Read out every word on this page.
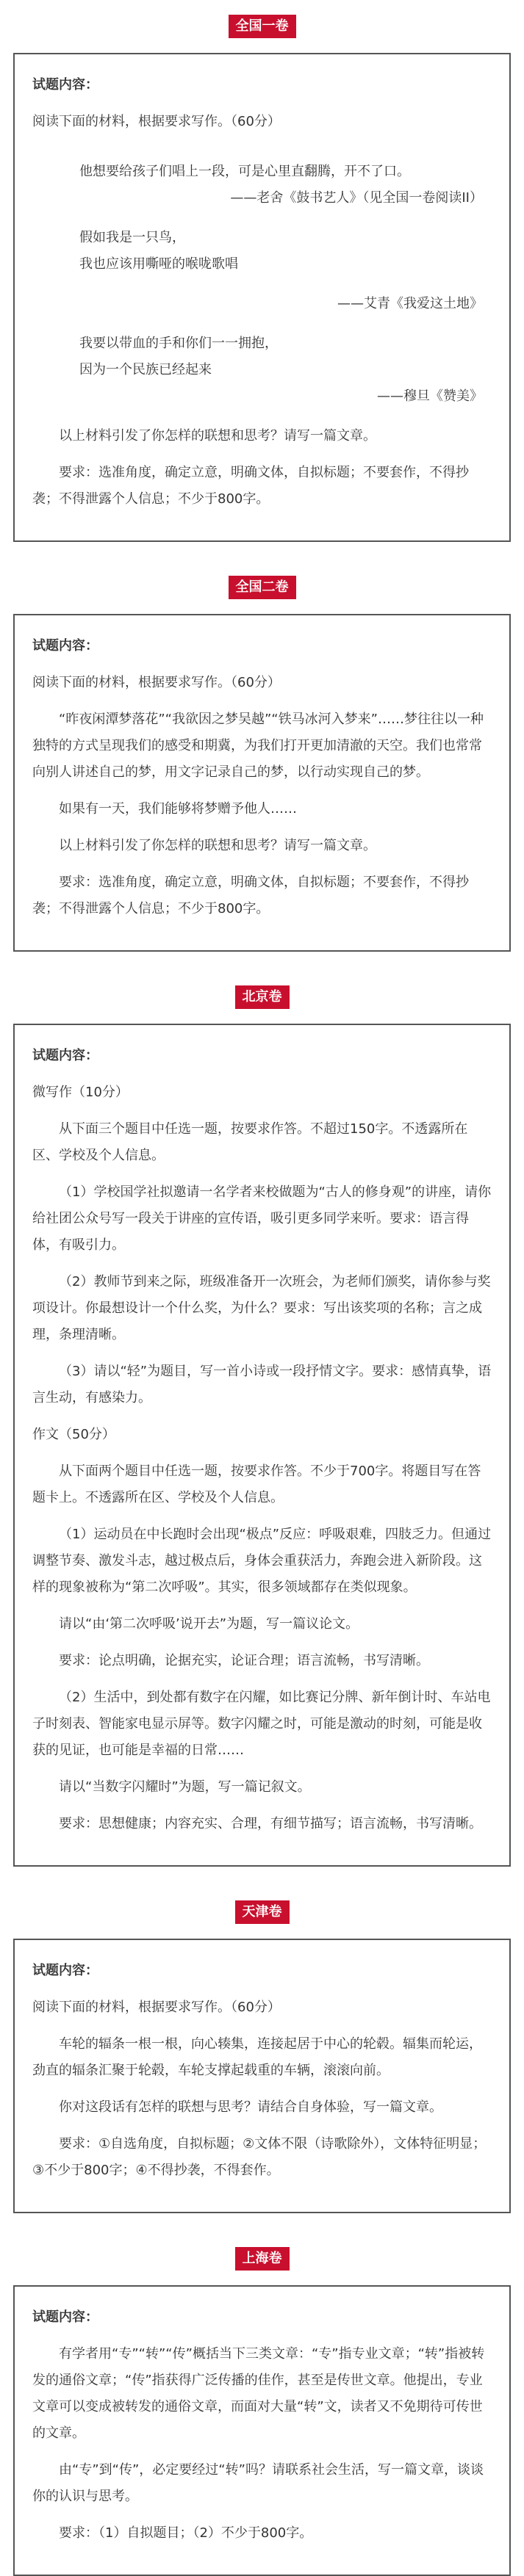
全国一卷
试题内容：
阅读下面的材料，根据要求写作。（60分）
他想要给孩子们唱上一段，可是心里直翻腾，开不了口。
——老舍《鼓书艺人》（见全国一卷阅读II）
假如我是一只鸟，
我也应该用嘶哑的喉咙歌唱
——艾青《我爱这土地》
我要以带血的手和你们一一拥抱，
因为一个民族已经起来
——穆旦《赞美》
以上材料引发了你怎样的联想和思考？请写一篇文章。
要求：选准角度，确定立意，明确文体，自拟标题；不要套作，不得抄袭；不得泄露个人信息；不少于800字。
全国二卷
试题内容：
阅读下面的材料，根据要求写作。（60分）
“昨夜闲潭梦落花”“我欲因之梦吴越”“铁马冰河入梦来”……梦往往以一种独特的方式呈现我们的感受和期冀，为我们打开更加清澈的天空。我们也常常向别人讲述自己的梦，用文字记录自己的梦，以行动实现自己的梦。
如果有一天，我们能够将梦赠予他人……
以上材料引发了你怎样的联想和思考？请写一篇文章。
要求：选准角度，确定立意，明确文体，自拟标题；不要套作，不得抄袭；不得泄露个人信息；不少于800字。
北京卷
试题内容：
微写作（10分）
从下面三个题目中任选一题，按要求作答。不超过150字。不透露所在区、学校及个人信息。
（1）学校国学社拟邀请一名学者来校做题为“古人的修身观”的讲座，请你给社团公众号写一段关于讲座的宣传语，吸引更多同学来听。要求：语言得体，有吸引力。
（2）教师节到来之际，班级准备开一次班会，为老师们颁奖，请你参与奖项设计。你最想设计一个什么奖，为什么？要求：写出该奖项的名称；言之成理，条理清晰。
（3）请以“轻”为题目，写一首小诗或一段抒情文字。要求：感情真挚，语言生动，有感染力。
作文（50分）
从下面两个题目中任选一题，按要求作答。不少于700字。将题目写在答题卡上。不透露所在区、学校及个人信息。
（1）运动员在中长跑时会出现“极点”反应：呼吸艰难，四肢乏力。但通过调整节奏、激发斗志，越过极点后，身体会重获活力，奔跑会进入新阶段。这样的现象被称为“第二次呼吸”。其实，很多领域都存在类似现象。
请以“由‘第二次呼吸’说开去”为题，写一篇议论文。
要求：论点明确，论据充实，论证合理；语言流畅，书写清晰。
（2）生活中，到处都有数字在闪耀，如比赛记分牌、新年倒计时、车站电子时刻表、智能家电显示屏等。数字闪耀之时，可能是激动的时刻，可能是收获的见证，也可能是幸福的日常……
请以“当数字闪耀时”为题，写一篇记叙文。
要求：思想健康；内容充实、合理，有细节描写；语言流畅，书写清晰。
天津卷
试题内容：
阅读下面的材料，根据要求写作。（60分）
车轮的辐条一根一根，向心辏集，连接起居于中心的轮毂。辐集而轮运，劲直的辐条汇聚于轮毂，车轮支撑起载重的车辆，滚滚向前。
你对这段话有怎样的联想与思考？请结合自身体验，写一篇文章。
要求：①自选角度，自拟标题；②文体不限（诗歌除外），文体特征明显；③不少于800字；④不得抄袭，不得套作。
上海卷
试题内容：
有学者用“专”“转”“传”概括当下三类文章：“专”指专业文章；“转”指被转发的通俗文章；“传”指获得广泛传播的佳作，甚至是传世文章。他提出，专业文章可以变成被转发的通俗文章，而面对大量“转”文，读者又不免期待可传世的文章。
由“专”到“传”，必定要经过“转”吗？请联系社会生活，写一篇文章，谈谈你的认识与思考。
要求：（1）自拟题目；（2）不少于800字。
